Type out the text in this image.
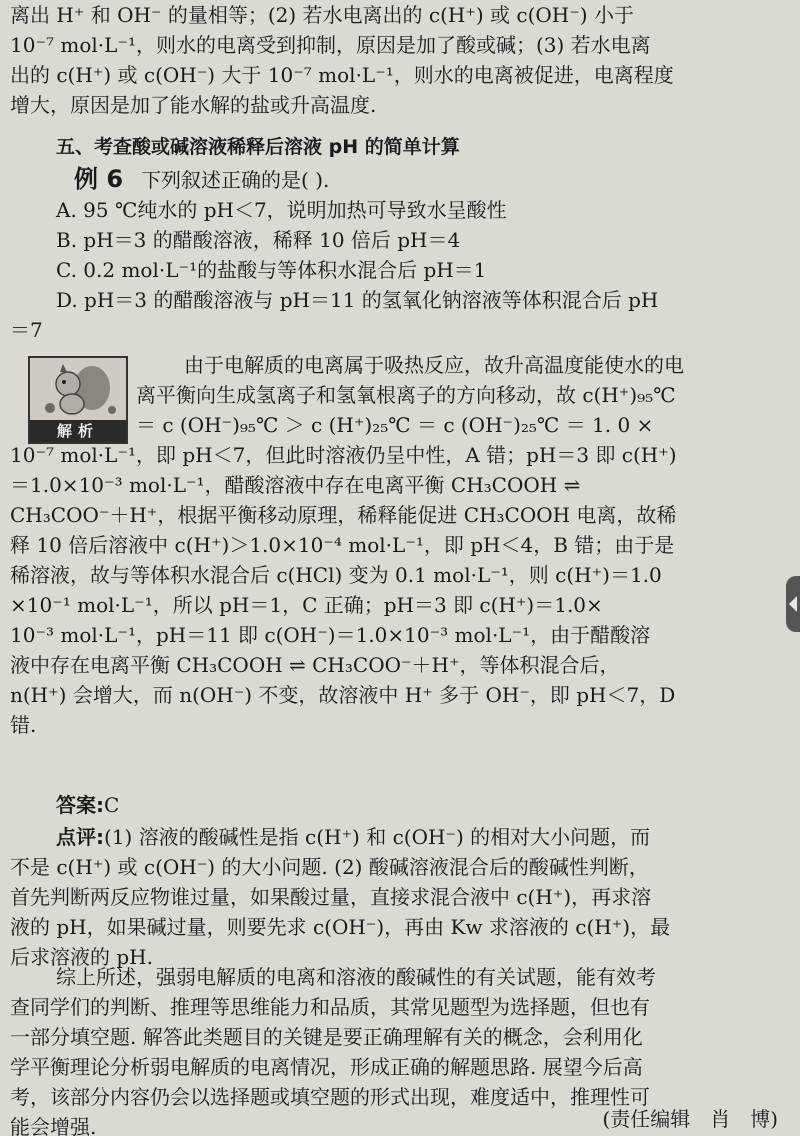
离出 H⁺ 和 OH⁻ 的量相等；(2) 若水电离出的 c(H⁺) 或 c(OH⁻) 小于
10⁻⁷ mol·L⁻¹，则水的电离受到抑制，原因是加了酸或碱；(3) 若水电离
出的 c(H⁺) 或 c(OH⁻) 大于 10⁻⁷ mol·L⁻¹，则水的电离被促进，电离程度
增大，原因是加了能水解的盐或升高温度.
五、考查酸或碱溶液稀释后溶液 pH 的简单计算
例 6 下列叙述正确的是( ).
A. 95 ℃纯水的 pH＜7，说明加热可导致水呈酸性
B. pH＝3 的醋酸溶液，稀释 10 倍后 pH＝4
C. 0.2 mol·L⁻¹的盐酸与等体积水混合后 pH＝1
D. pH＝3 的醋酸溶液与 pH＝11 的氢氧化钠溶液等体积混合后 pH
＝7
解析
由于电解质的电离属于吸热反应，故升高温度能使水的电
离平衡向生成氢离子和氢氧根离子的方向移动，故 c(H⁺)₉₅℃
＝ c (OH⁻)₉₅℃ ＞ c (H⁺)₂₅℃ ＝ c (OH⁻)₂₅℃ ＝ 1. 0 ×
10⁻⁷ mol·L⁻¹，即 pH＜7，但此时溶液仍呈中性，A 错；pH＝3 即 c(H⁺)
＝1.0×10⁻³ mol·L⁻¹，醋酸溶液中存在电离平衡 CH₃COOH ⇌
CH₃COO⁻＋H⁺，根据平衡移动原理，稀释能促进 CH₃COOH 电离，故稀
释 10 倍后溶液中 c(H⁺)＞1.0×10⁻⁴ mol·L⁻¹，即 pH＜4，B 错；由于是
稀溶液，故与等体积水混合后 c(HCl) 变为 0.1 mol·L⁻¹，则 c(H⁺)＝1.0
×10⁻¹ mol·L⁻¹，所以 pH＝1，C 正确；pH＝3 即 c(H⁺)＝1.0×
10⁻³ mol·L⁻¹，pH＝11 即 c(OH⁻)＝1.0×10⁻³ mol·L⁻¹，由于醋酸溶
液中存在电离平衡 CH₃COOH ⇌ CH₃COO⁻＋H⁺，等体积混合后，
n(H⁺) 会增大，而 n(OH⁻) 不变，故溶液中 H⁺ 多于 OH⁻，即 pH＜7，D
错.
答案:C
点评:(1) 溶液的酸碱性是指 c(H⁺) 和 c(OH⁻) 的相对大小问题，而
不是 c(H⁺) 或 c(OH⁻) 的大小问题. (2) 酸碱溶液混合后的酸碱性判断，
首先判断两反应物谁过量，如果酸过量，直接求混合液中 c(H⁺)，再求溶
液的 pH，如果碱过量，则要先求 c(OH⁻)，再由 Kw 求溶液的 c(H⁺)，最
后求溶液的 pH.
综上所述，强弱电解质的电离和溶液的酸碱性的有关试题，能有效考
查同学们的判断、推理等思维能力和品质，其常见题型为选择题，但也有
一部分填空题. 解答此类题目的关键是要正确理解有关的概念，会利用化
学平衡理论分析弱电解质的电离情况，形成正确的解题思路. 展望今后高
考，该部分内容仍会以选择题或填空题的形式出现，难度适中，推理性可
能会增强.	(责任编辑　肖　博)
